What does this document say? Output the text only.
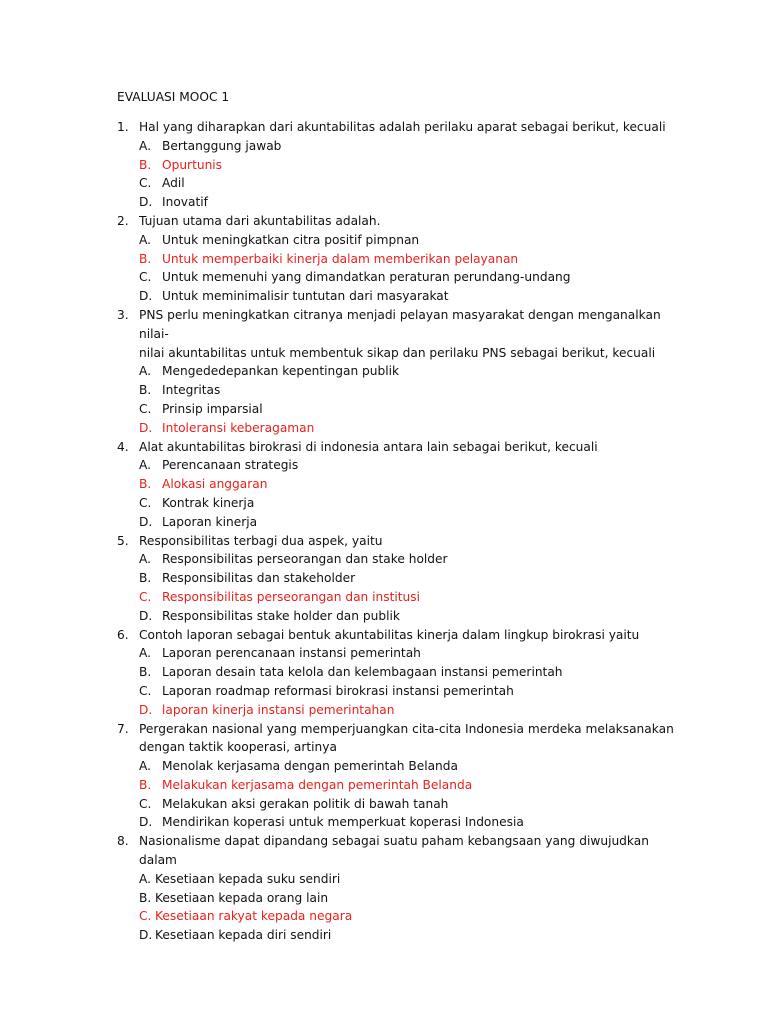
EVALUASI MOOC 1
1. Hal yang diharapkan dari akuntabilitas adalah perilaku aparat sebagai berikut, kecuali
A. Bertanggung jawab
B. Opurtunis
C. Adil
D. Inovatif
2. Tujuan utama dari akuntabilitas adalah.
A. Untuk meningkatkan citra positif pimpnan
B. Untuk memperbaiki kinerja dalam memberikan pelayanan
C. Untuk memenuhi yang dimandatkan peraturan perundang-undang
D. Untuk meminimalisir tuntutan dari masyarakat
3. PNS perlu meningkatkan citranya menjadi pelayan masyarakat dengan menganalkan nilai-
nilai akuntabilitas untuk membentuk sikap dan perilaku PNS sebagai berikut, kecuali
A. Mengededepankan kepentingan publik
B. Integritas
C. Prinsip imparsial
D. Intoleransi keberagaman
4. Alat akuntabilitas birokrasi di indonesia antara lain sebagai berikut, kecuali
A. Perencanaan strategis
B. Alokasi anggaran
C. Kontrak kinerja
D. Laporan kinerja
5. Responsibilitas terbagi dua aspek, yaitu
A. Responsibilitas perseorangan dan stake holder
B. Responsibilitas dan stakeholder
C. Responsibilitas perseorangan dan institusi
D. Responsibilitas stake holder dan publik
6. Contoh laporan sebagai bentuk akuntabilitas kinerja dalam lingkup birokrasi yaitu
A. Laporan perencanaan instansi pemerintah
B. Laporan desain tata kelola dan kelembagaan instansi pemerintah
C. Laporan roadmap reformasi birokrasi instansi pemerintah
D. laporan kinerja instansi pemerintahan
7. Pergerakan nasional yang memperjuangkan cita-cita Indonesia merdeka melaksanakan
dengan taktik kooperasi, artinya
A. Menolak kerjasama dengan pemerintah Belanda
B. Melakukan kerjasama dengan pemerintah Belanda
C. Melakukan aksi gerakan politik di bawah tanah
D. Mendirikan koperasi untuk memperkuat koperasi Indonesia
8. Nasionalisme dapat dipandang sebagai suatu paham kebangsaan yang diwujudkan dalam
A. Kesetiaan kepada suku sendiri
B. Kesetiaan kepada orang lain
C. Kesetiaan rakyat kepada negara
D. Kesetiaan kepada diri sendiri
